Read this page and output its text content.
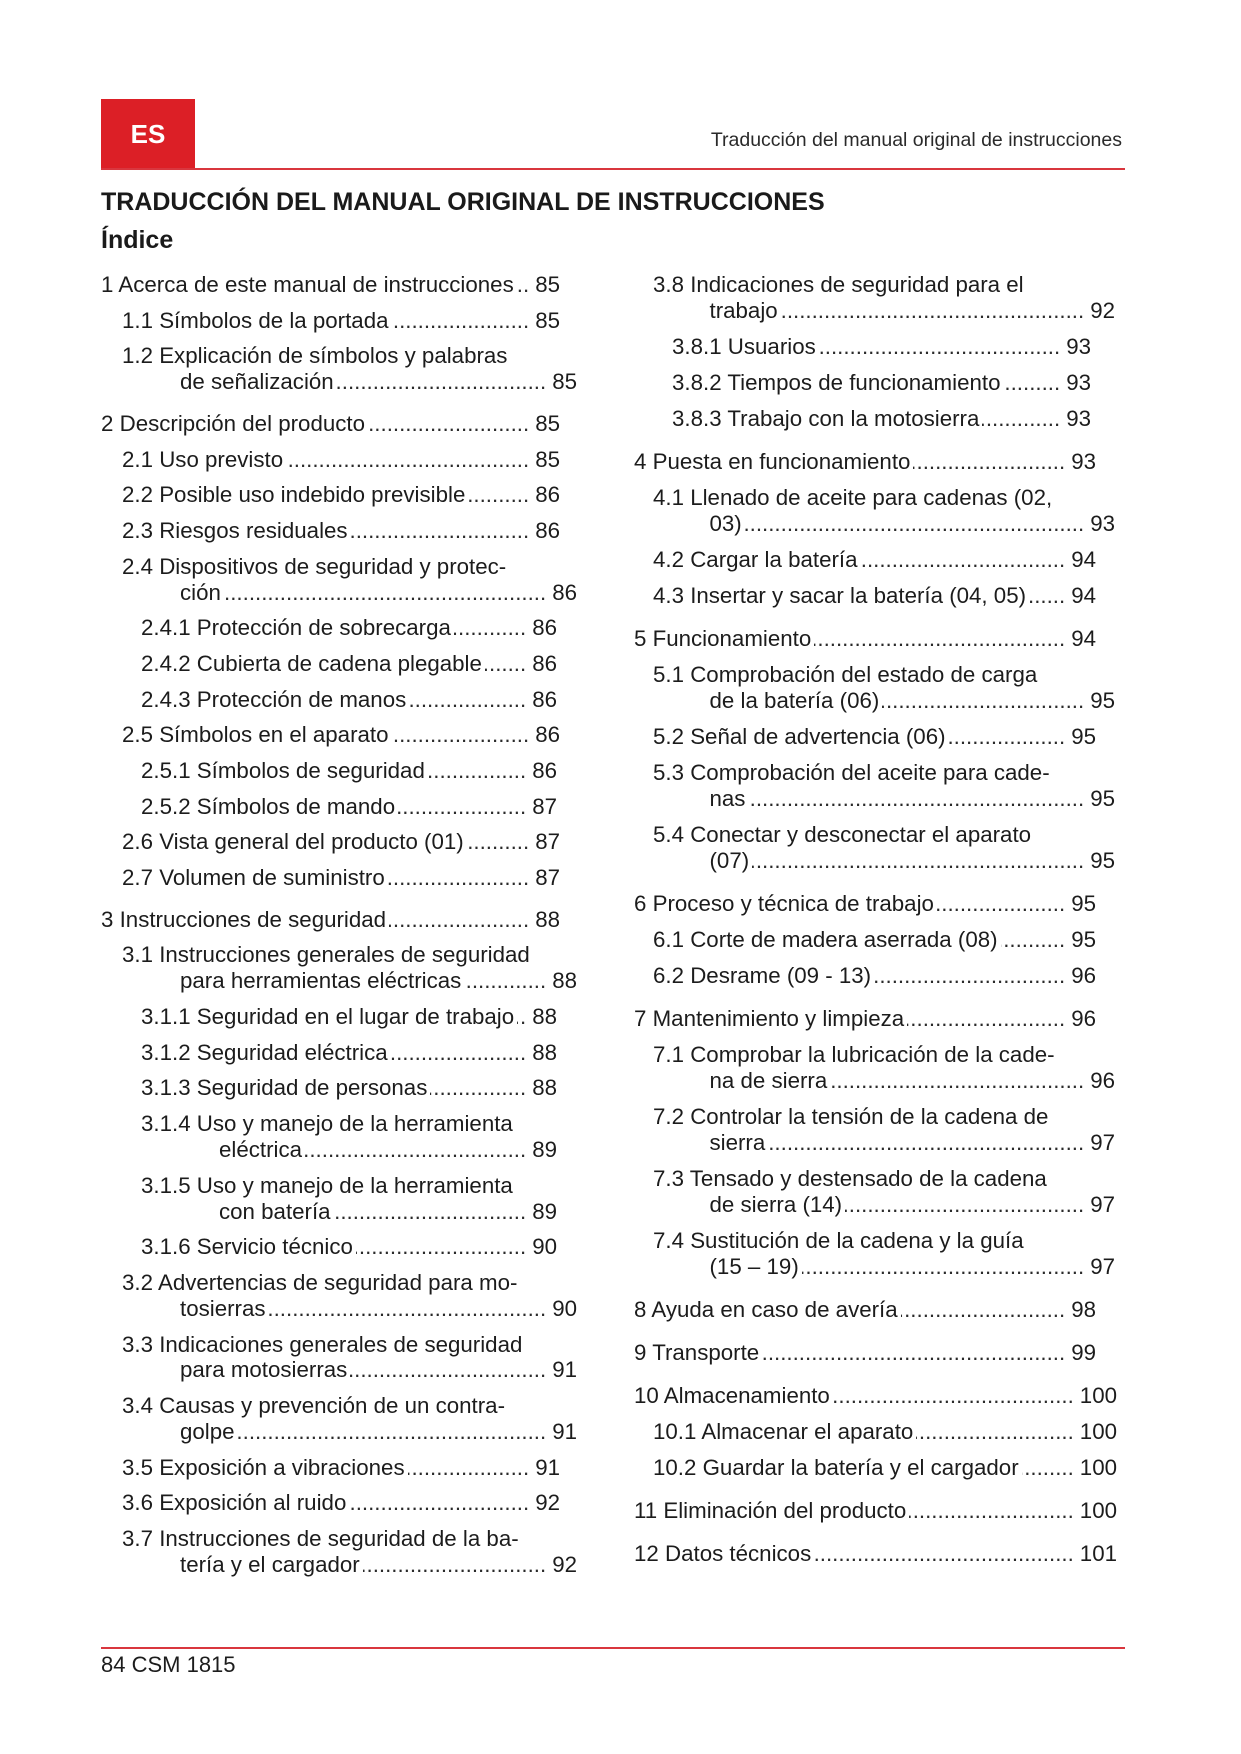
ES	Traducción del manual original de instrucciones
TRADUCCIÓN DEL MANUAL ORIGINAL DE INSTRUCCIONES
Índice
1 Acerca de este manual de instrucciones ..... 85
1.1 Símbolos de la portada .....	85
1.2 Explicación de símbolos y palabras
de señalización .....	85
2 Descripción del producto .....	85
2.1 Uso previsto .....	85
2.2 Posible uso indebido previsible .....	86
2.3 Riesgos residuales .....	86
2.4 Dispositivos de seguridad y protec-
ción .....	86
2.4.1 Protección de sobrecarga .....	86
2.4.2 Cubierta de cadena plegable ..... 86
2.4.3 Protección de manos .....	86
2.5 Símbolos en el aparato .....	86
2.5.1 Símbolos de seguridad .....	86
2.5.2 Símbolos de mando .....	87
2.6 Vista general del producto (01) .....	87
2.7 Volumen de suministro .....	87
3 Instrucciones de seguridad .....	88
3.1 Instrucciones generales de seguridad
para herramientas eléctricas .....	88
3.1.1 Seguridad en el lugar de trabajo ..... 88
3.1.2 Seguridad eléctrica .....	88
3.1.3 Seguridad de personas .....	88
3.1.4 Uso y manejo de la herramienta
eléctrica .....	89
3.1.5 Uso y manejo de la herramienta
con batería .....	89
3.1.6 Servicio técnico .....	90
3.2 Advertencias de seguridad para mo-
tosierras .....	90
3.3 Indicaciones generales de seguridad
para motosierras .....	91
3.4 Causas y prevención de un contra-
golpe .....	91
3.5 Exposición a vibraciones .....	91
3.6 Exposición al ruido .....	92
3.7 Instrucciones de seguridad de la ba-
tería y el cargador .....	92
3.8 Indicaciones de seguridad para el
trabajo .....	92
3.8.1 Usuarios .....	93
3.8.2 Tiempos de funcionamiento .....	93
3.8.3 Trabajo con la motosierra .....	93
4 Puesta en funcionamiento .....	93
4.1 Llenado de aceite para cadenas (02,
03) .....	93
4.2 Cargar la batería .....	94
4.3 Insertar y sacar la batería (04, 05) ..... 94
5 Funcionamiento .....	94
5.1 Comprobación del estado de carga
de la batería (06) .....	95
5.2 Señal de advertencia (06) .....	95
5.3 Comprobación del aceite para cade-
nas .....	95
5.4 Conectar y desconectar el aparato
(07) .....	95
6 Proceso y técnica de trabajo .....	95
6.1 Corte de madera aserrada (08) .....	95
6.2 Desrame (09 - 13) .....	96
7 Mantenimiento y limpieza .....	96
7.1 Comprobar la lubricación de la cade-
na de sierra .....	96
7.2 Controlar la tensión de la cadena de
sierra .....	97
7.3 Tensado y destensado de la cadena
de sierra (14) .....	97
7.4 Sustitución de la cadena y la guía
(15 – 19) .....	97
8 Ayuda en caso de avería .....	98
9 Transporte .....	99
10 Almacenamiento .....	100
10.1 Almacenar el aparato .....	100
10.2 Guardar la batería y el cargador .....	100
11 Eliminación del producto .....	100
12 Datos técnicos .....	101
84 CSM 1815
